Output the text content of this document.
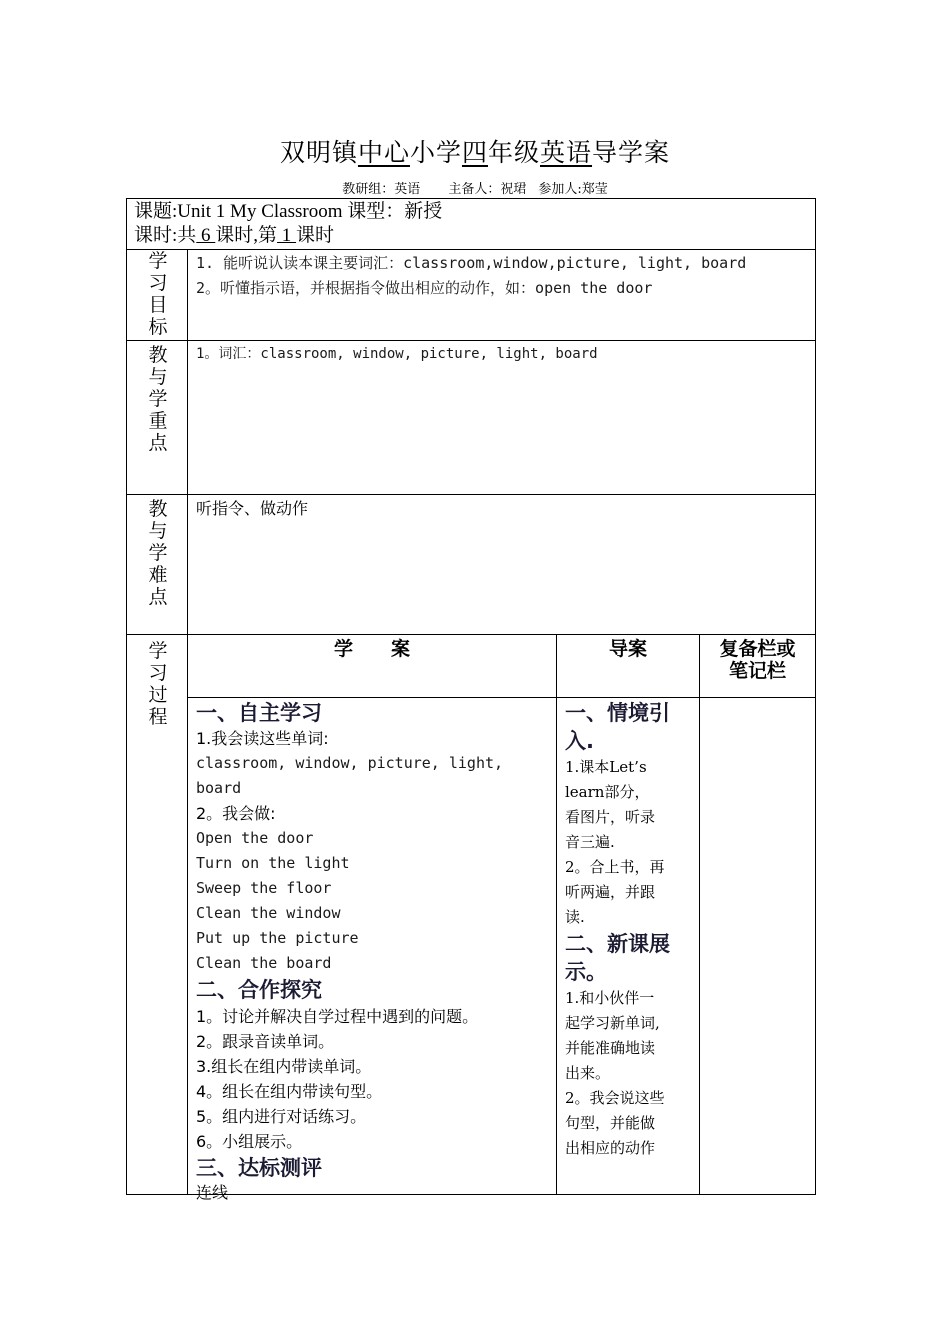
双明镇中心小学四年级英语导学案
教研组：英语 主备人：祝珺 参加人:郑莹
课题:Unit 1 My Classroom 课型：新授
课时:共 6 课时,第 1 课时
学
习
目
标
1. 能听说认读本课主要词汇：classroom,window,picture, light, board
2。听懂指示语，并根据指令做出相应的动作，如：open the door
教
与
学
重
点
1。词汇：classroom, window, picture, light, board
教
与
学
难
点
听指令、做动作
学
习
过
程
学　　案	导案	复备栏或
笔记栏
一、自主学习
1.我会读这些单词:
classroom, window, picture, light,
board
2。我会做:
Open the door
Turn on the light
Sweep the floor
Clean the window
Put up the picture
Clean the board
二、合作探究
1。讨论并解决自学过程中遇到的问题。
2。跟录音读单词。
3.组长在组内带读单词。
4。组长在组内带读句型。
5。组内进行对话练习。
6。小组展示。
三、达标测评
连线
一、情境引
入.
1.课本Let’s
learn部分，
看图片，听录
音三遍.
2。合上书，再
听两遍，并跟
读.
二、新课展
示。
1.和小伙伴一
起学习新单词,
并能准确地读
出来。
2。我会说这些
句型，并能做
出相应的动作
